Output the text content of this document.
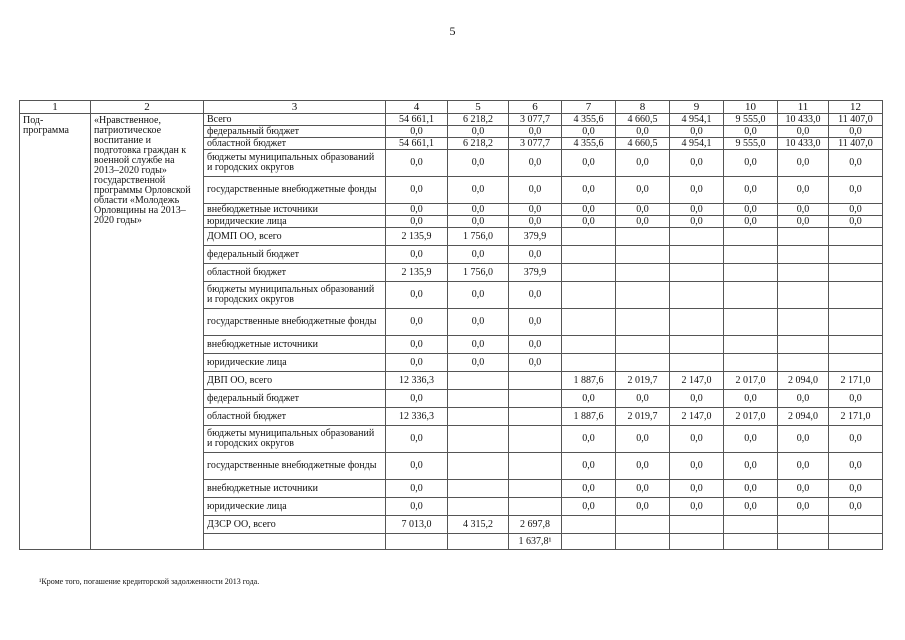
5
1	2	3	4	5	6	7	8	9	10	11	12
Под-программа	«Нравственное, патриотическое воспитание и подготовка граждан к военной службе на 2013–2020 годы» государственной программы Орловской области «Молодежь Орловщины на 2013–2020 годы»	Всего	54 661,1	6 218,2	3 077,7	4 355,6	4 660,5	4 954,1	9 555,0	10 433,0	11 407,0
		федеральный бюджет	0,0	0,0	0,0	0,0	0,0	0,0	0,0	0,0	0,0
		областной бюджет	54 661,1	6 218,2	3 077,7	4 355,6	4 660,5	4 954,1	9 555,0	10 433,0	11 407,0
		бюджеты муниципальных образований и городских округов	0,0	0,0	0,0	0,0	0,0	0,0	0,0	0,0	0,0
		государственные внебюджетные фонды	0,0	0,0	0,0	0,0	0,0	0,0	0,0	0,0	0,0
		внебюджетные источники	0,0	0,0	0,0	0,0	0,0	0,0	0,0	0,0	0,0
		юридические лица	0,0	0,0	0,0	0,0	0,0	0,0	0,0	0,0	0,0
		ДОМП ОО, всего	2 135,9	1 756,0	379,9						
		федеральный бюджет	0,0	0,0	0,0						
		областной бюджет	2 135,9	1 756,0	379,9						
		бюджеты муниципальных образований и городских округов	0,0	0,0	0,0						
		государственные внебюджетные фонды	0,0	0,0	0,0						
		внебюджетные источники	0,0	0,0	0,0						
		юридические лица	0,0	0,0	0,0						
		ДВП ОО, всего	12 336,3			1 887,6	2 019,7	2 147,0	2 017,0	2 094,0	2 171,0
		федеральный бюджет	0,0			0,0	0,0	0,0	0,0	0,0	0,0
		областной бюджет	12 336,3			1 887,6	2 019,7	2 147,0	2 017,0	2 094,0	2 171,0
		бюджеты муниципальных образований и городских округов	0,0			0,0	0,0	0,0	0,0	0,0	0,0
		государственные внебюджетные фонды	0,0			0,0	0,0	0,0	0,0	0,0	0,0
		внебюджетные источники	0,0			0,0	0,0	0,0	0,0	0,0	0,0
		юридические лица	0,0			0,0	0,0	0,0	0,0	0,0	0,0
		ДЗСР ОО, всего	7 013,0	4 315,2	2 697,8						
					1 637,8¹						
¹Кроме того, погашение кредиторской задолженности 2013 года.
